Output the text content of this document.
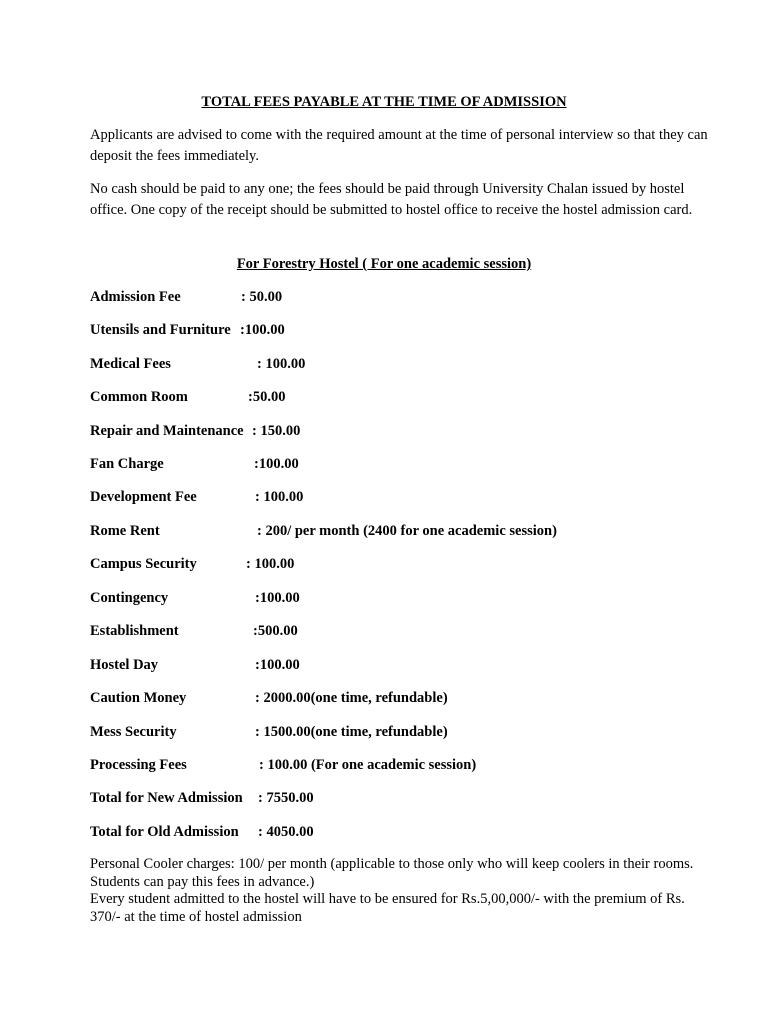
TOTAL FEES PAYABLE AT THE TIME OF ADMISSION
Applicants are advised to come with the required amount at the time of personal interview so that they can deposit the fees immediately.
No cash should be paid to any one; the fees should be paid through University Chalan issued by hostel office. One copy of the receipt should be submitted to hostel office to receive the hostel admission card.
For Forestry Hostel ( For one academic session)
Admission Fee	: 50.00
Utensils and Furniture :100.00
Medical Fees	: 100.00
Common Room	:50.00
Repair and Maintenance : 150.00
Fan Charge	:100.00
Development Fee	: 100.00
Rome Rent	: 200/ per month (2400 for one academic session)
Campus Security	: 100.00
Contingency	:100.00
Establishment	:500.00
Hostel Day	:100.00
Caution Money	: 2000.00(one time, refundable)
Mess Security	: 1500.00(one time, refundable)
Processing Fees	: 100.00 (For one academic session)
Total for New Admission : 7550.00
Total for Old Admission : 4050.00
Personal Cooler charges: 100/ per month (applicable to those only who will keep coolers in their rooms. Students can pay this fees in advance.)
Every student admitted to the hostel will have to be ensured for Rs.5,00,000/- with the premium of Rs. 370/- at the time of hostel admission
